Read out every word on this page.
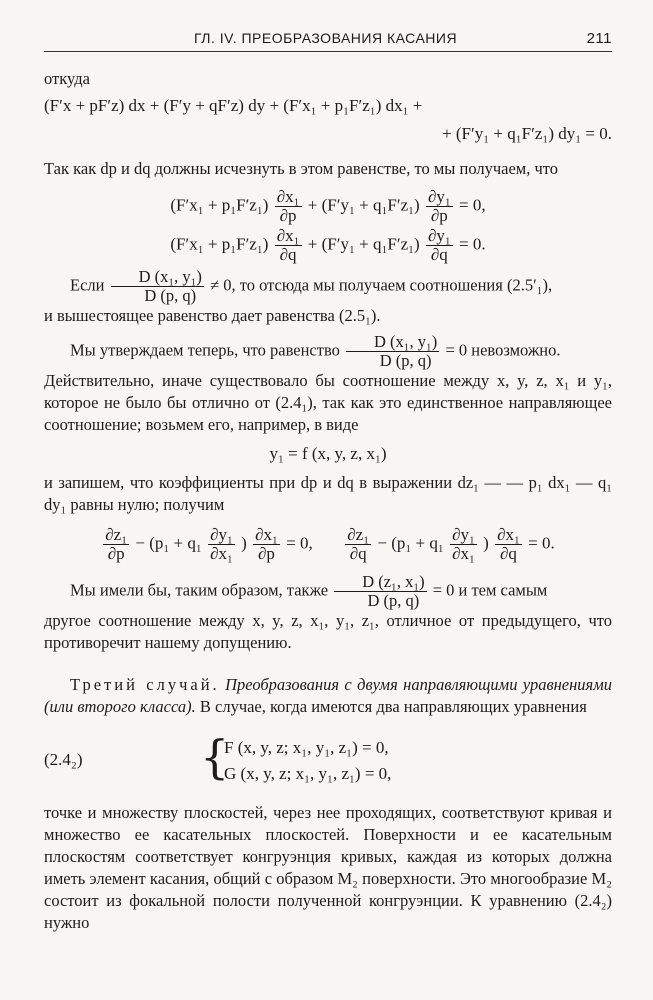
ГЛ. IV. ПРЕОБРАЗОВАНИЯ КАСАНИЯ	211

откуда

(F′x + pF′z) dx + (F′y + qF′z) dy + (F′x₁ + p₁F′z₁) dx₁ +
+ (F′y₁ + q₁F′z₁) dy₁ = 0.

Так как dp и dq должны исчезнуть в этом равенстве, то мы получаем, что

$(F'x_1 + p_1F'z_1) \frac{\text{∂x₁}}{\partial p} + (F'y_1 + q_1F'z_1) \frac{\text{∂y₁}}{\partial p} = 0$,
$(F'x_1 + p_1F'z_1) \frac{\text{∂x₁}}{\partial q} + (F'y_1 + q_1F'z_1) \frac{\text{∂y₁}}{\partial q} = 0$.

Если $\frac{\text{D (x₁, y₁)}}{D (p, q)} \ne 0$, то отсюда мы получаем соотношения (2.5′₁),

и вышестоящее равенство дает равенства (2.5₁).

Мы утверждаем теперь, что равенство $\frac{\text{D (x₁, y₁)}}{D (p, q)} = 0$ невозможно.

Действительно, иначе существовало бы соотношение между x, y, z, x₁ и y₁, которое не было бы отлично от (2.4₁), так как это единственное направляющее соотношение; возьмем его, например, в виде

y₁ = f (x, y, z, x₁)

и запишем, что коэффициенты при dp и dq в выражении dz₁ — — p₁ dx₁ — q₁ dy₁ равны нулю; получим

$\frac{\text{∂z₁}}{\partial p} - (p_1 + q_1 \frac{\text{∂y₁}}{\text{∂x₁}}$ ) $\frac{\text{∂x₁}}{\partial p} = 0$, $\frac{\text{∂z₁}}{\partial q} - (p_1 + q_1 \frac{\text{∂y₁}}{\text{∂x₁}}$ ) $\frac{\text{∂x₁}}{\partial q} = 0$.

Мы имели бы, таким образом, также $\frac{\text{D (z₁, x₁)}}{D (p, q)} = 0$ и тем самым

другое соотношение между x, y, z, x₁, y₁, z₁, отличное от предыдущего, что противоречит нашему допущению.

Третий случай. Преобразования с двумя направляющими уравнениями (или второго класса). В случае, когда имеются два направляющих уравнения

(2.4₂)	{
F (x, y, z; x₁, y₁, z₁) = 0,
G (x, y, z; x₁, y₁, z₁) = 0,

точке и множеству плоскостей, через нее проходящих, соответствуют кривая и множество ее касательных плоскостей. Поверхности и ее касательным плоскостям соответствует конгруэнция кривых, каждая из которых должна иметь элемент касания, общий с образом M₂ поверхности. Это многообразие M₂ состоит из фокальной полости полученной конгруэнции. К уравнению (2.4₂) нужно
